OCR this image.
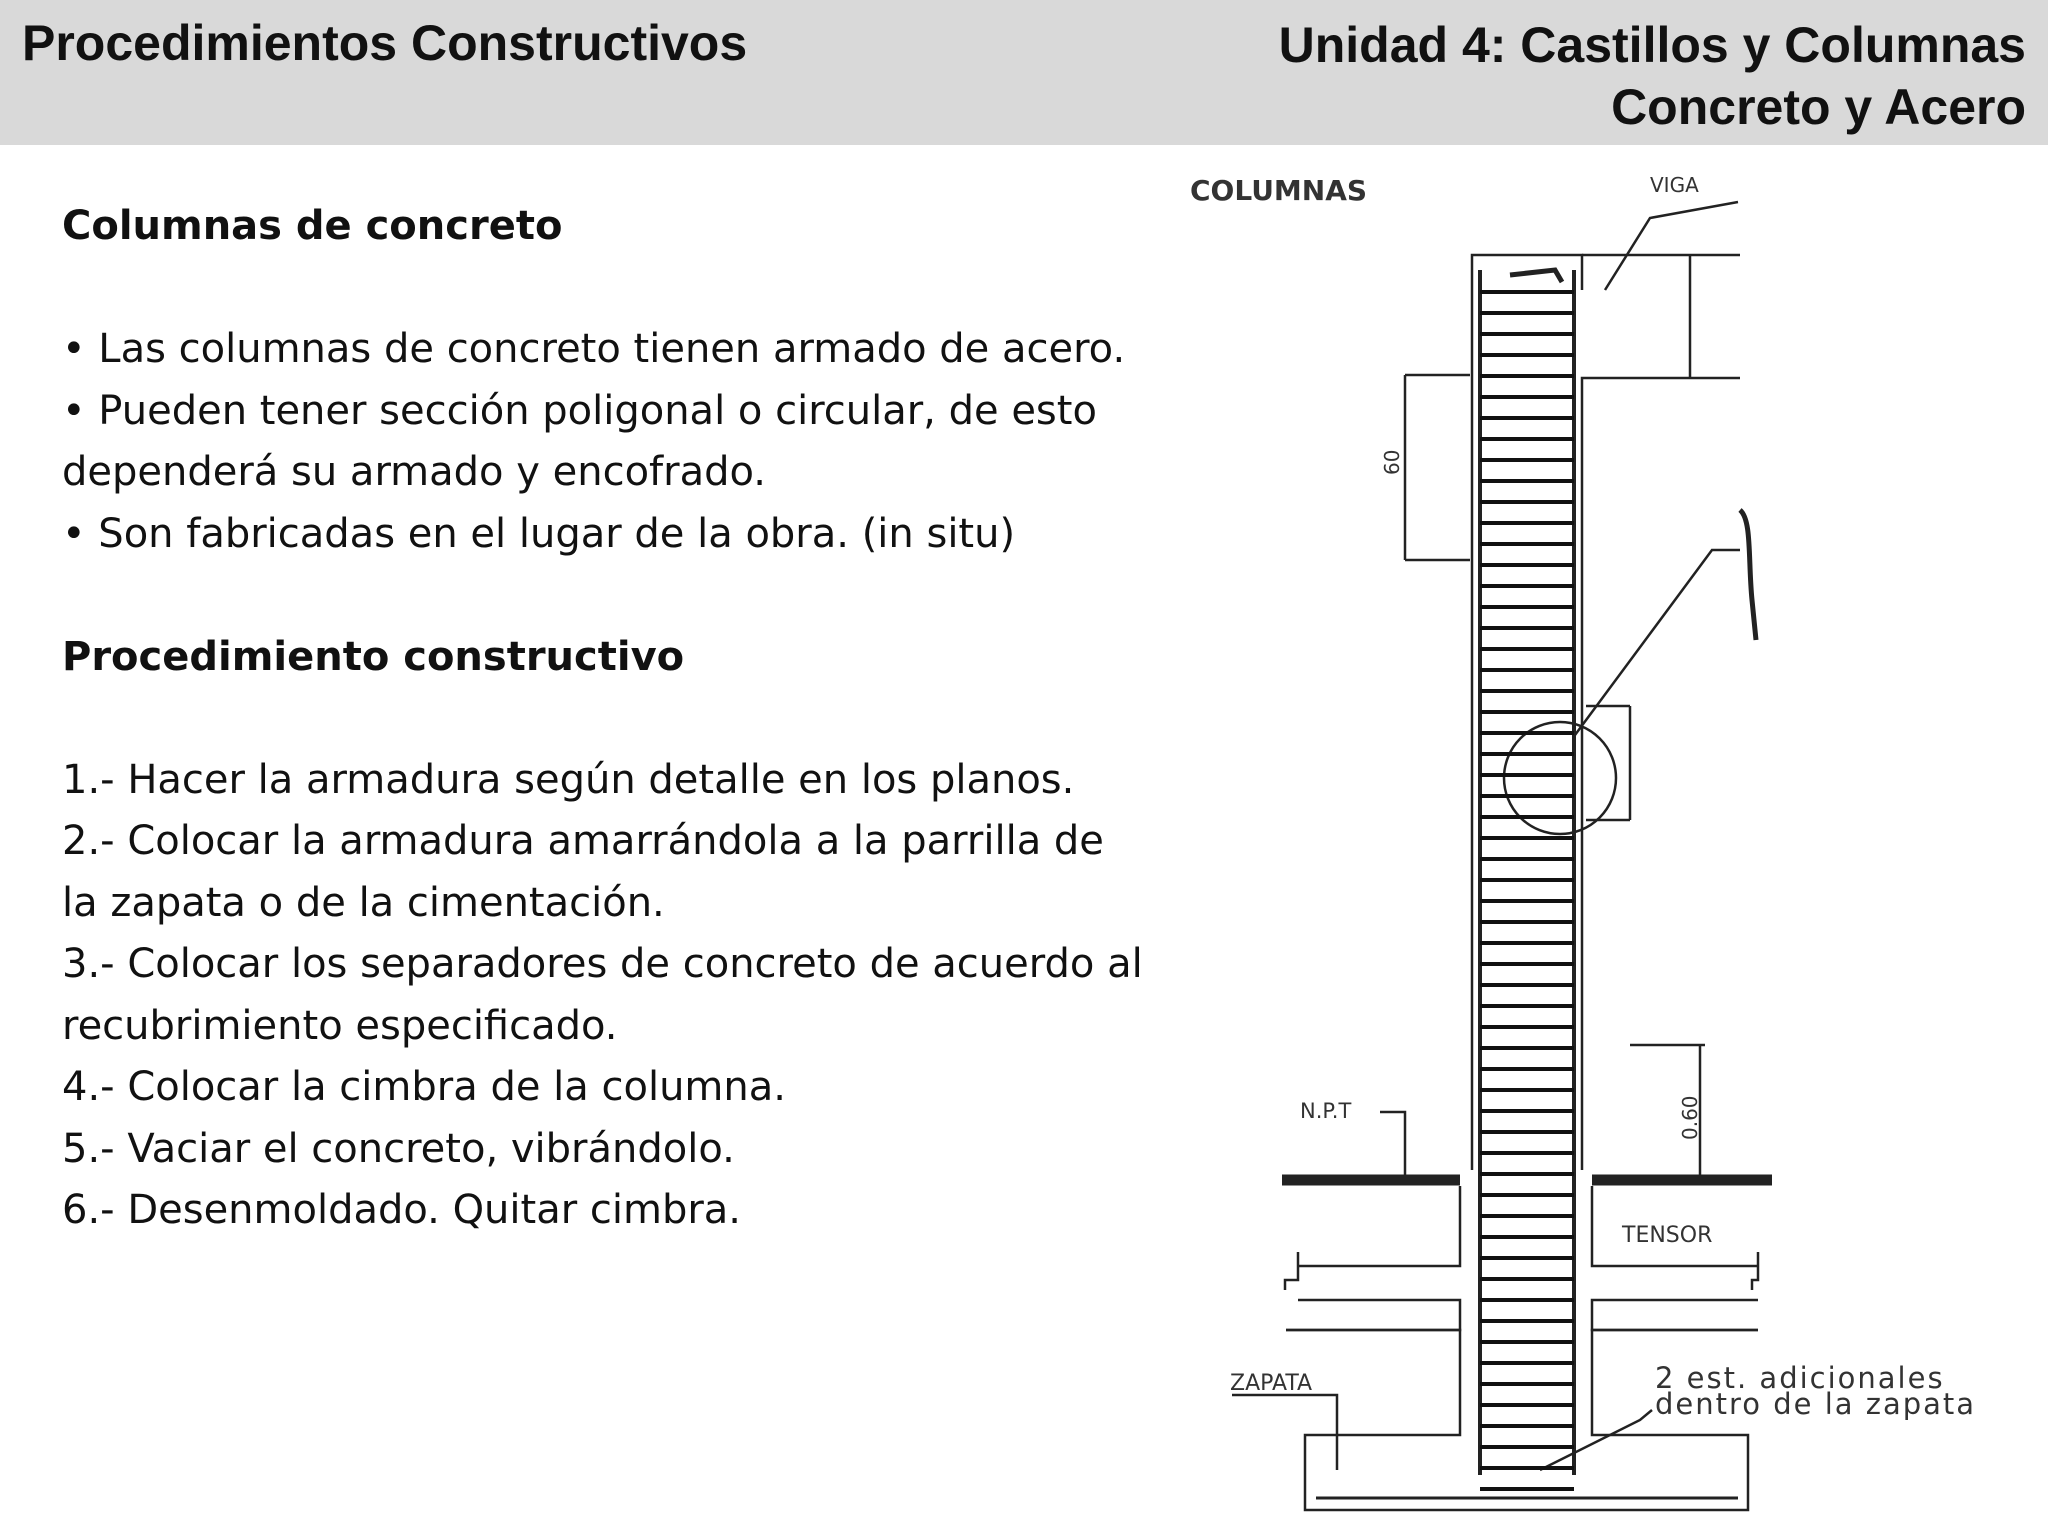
Procedimientos Constructivos	Unidad 4: Castillos y Columnas
Concreto y Acero

Columnas de concreto

• Las columnas de concreto tienen armado de acero.

• Pueden tener sección poligonal o circular, de esto dependerá su armado y encofrado.

• Son fabricadas en el lugar de la obra. (in situ)

Procedimiento constructivo

1.- Hacer la armadura según detalle en los planos.

2.- Colocar la armadura amarrándola a la parrilla de la zapata o de la cimentación.

3.- Colocar los separadores de concreto de acuerdo al recubrimiento especificado.

4.- Colocar la cimbra de la columna.

5.- Vaciar el concreto, vibrándolo.

6.- Desenmoldado. Quitar cimbra.

COLUMNAS	VIGA
60
N.P.T	0.60
TENSOR
ZAPATA	2 est. adicionales
dentro de la zapata
